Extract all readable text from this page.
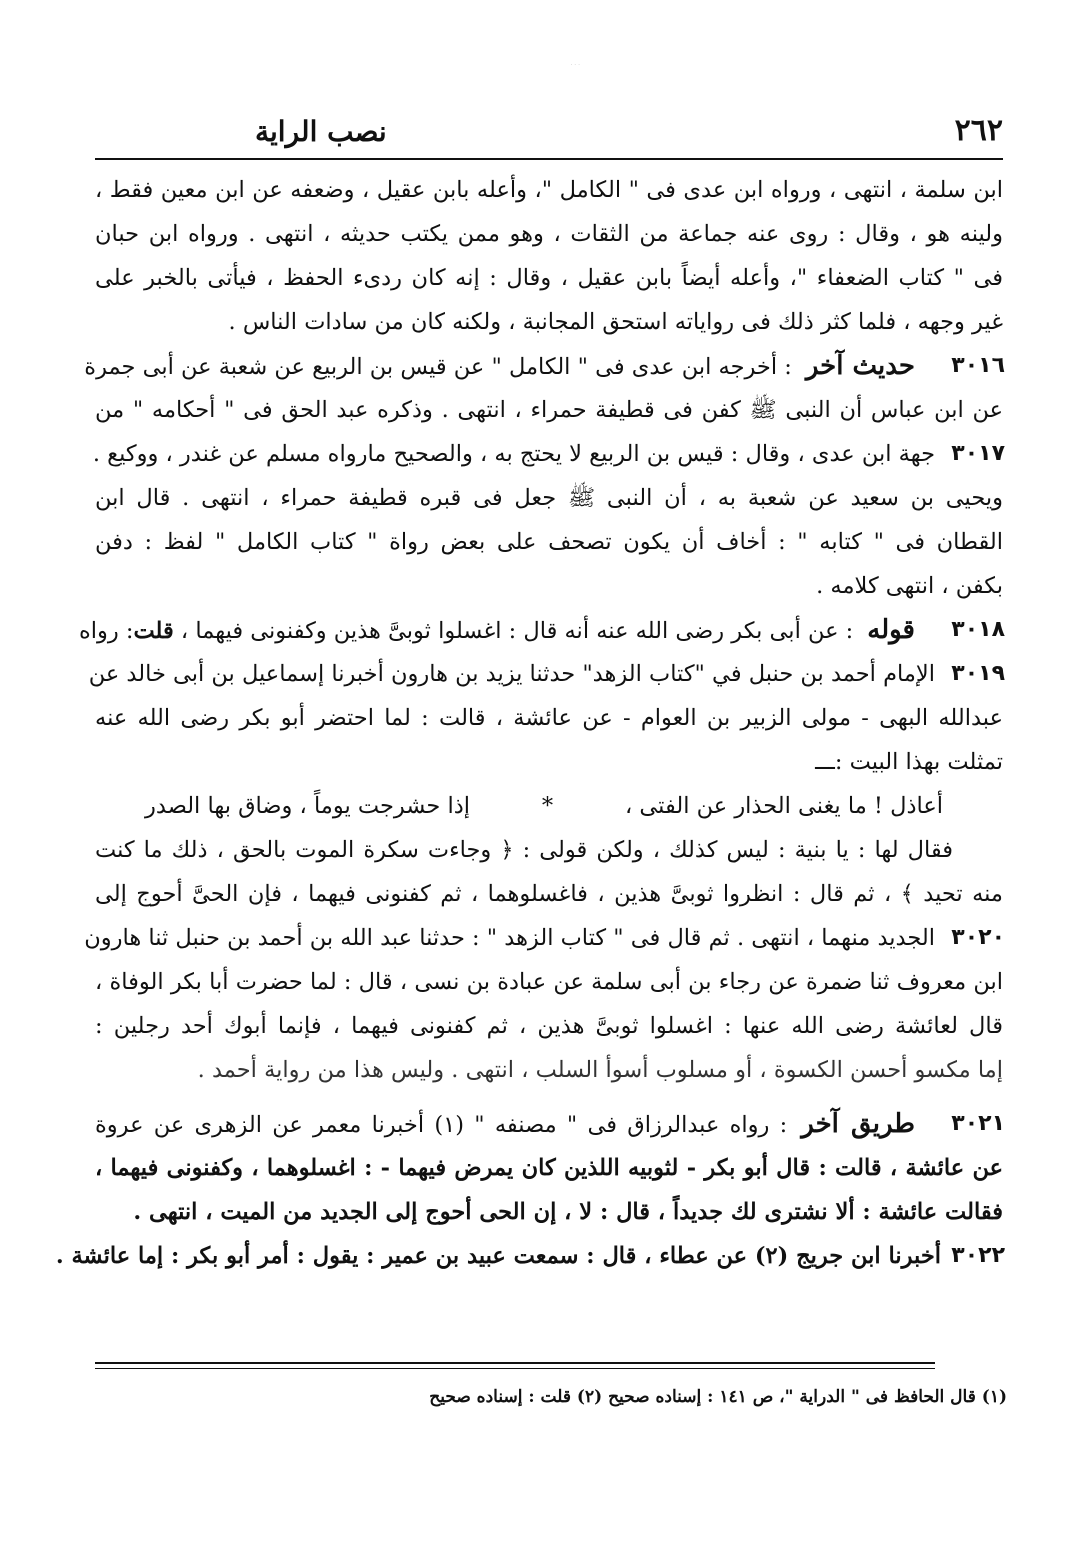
· · ·
٢٦٢
نصب الراية

ابن سلمة ، انتهى ، ورواه ابن عدى فى " الكامل "، وأعله بابن عقيل ، وضعفه عن ابن معين فقط ،

ولينه هو ، وقال : روى عنه جماعة من الثقات ، وهو ممن يكتب حديثه ، انتهى . ورواه ابن حبان

فى " كتاب الضعفاء "، وأعله أيضاً بابن عقيل ، وقال : إنه كان ردىء الحفظ ، فيأتى بالخبر على

غير وجهه ، فلما كثر ذلك فى رواياته استحق المجانبة ، ولكنه كان من سادات الناس .

٣٠١٦

حديث آخر: أخرجه ابن عدى فى " الكامل " عن قيس بن الربيع عن شعبة عن أبى جمرة

عن ابن عباس أن النبى ﷺ كفن فى قطيفة حمراء ، انتهى . وذكره عبد الحق فى " أحكامه " من

٣٠١٧

جهة ابن عدى ، وقال : قيس بن الربيع لا يحتج به ، والصحيح مارواه مسلم عن غندر ، ووكيع .

ويحيى بن سعيد عن شعبة به ، أن النبى ﷺ جعل فى قبره قطيفة حمراء ، انتهى . قال ابن

القطان فى " كتابه " : أخاف أن يكون تصحف على بعض رواة " كتاب الكامل " لفظ : دفن

بكفن ، انتهى كلامه .

٣٠١٨

قوله: عن أبى بكر رضى الله عنه أنه قال : اغسلوا ثوبىَّ هذين وكفنونى فيهما ، قلت: رواه

٣٠١٩

الإمام أحمد بن حنبل في "كتاب الزهد" حدثنا يزيد بن هارون أخبرنا إسماعيل بن أبى خالد عن

عبدالله البهى - مولى الزبير بن العوام - عن عائشة ، قالت : لما احتضر أبو بكر رضى الله عنه

تمثلت بهذا البيت :ـــ

أعاذل ! ما يغنى الحذار عن الفتى ،
*
إذا حشرجت يوماً ، وضاق بها الصدر

فقال لها : يا بنية : ليس كذلك ، ولكن قولى : ﴿ وجاءت سكرة الموت بالحق ، ذلك ما كنت

منه تحيد ﴾ ، ثم قال : انظروا ثوبىَّ هذين ، فاغسلوهما ، ثم كفنونى فيهما ، فإن الحىَّ أحوج إلى

٣٠٢٠

الجديد منهما ، انتهى . ثم قال فى " كتاب الزهد " : حدثنا عبد الله بن أحمد بن حنبل ثنا هارون

ابن معروف ثنا ضمرة عن رجاء بن أبى سلمة عن عبادة بن نسى ، قال : لما حضرت أبا بكر الوفاة ،

قال لعائشة رضى الله عنها : اغسلوا ثوبىَّ هذين ، ثم كفنونى فيهما ، فإنما أبوك أحد رجلين :

إما مكسو أحسن الكسوة ، أو مسلوب أسوأ السلب ، انتهى . وليس هذا من رواية أحمد .

٣٠٢١

طريق آخر: رواه عبدالرزاق فى " مصنفه " (١) أخبرنا معمر عن الزهرى عن عروة

عن عائشة ، قالت : قال أبو بكر - لثوبيه اللذين كان يمرض فيهما - : اغسلوهما ، وكفنونى فيهما ،

فقالت عائشة : ألا نشترى لك جديداً ، قال : لا ، إن الحى أحوج إلى الجديد من الميت ، انتهى .

٣٠٢٢

أخبرنا ابن جريج (٢) عن عطاء ، قال : سمعت عبيد بن عمير : يقول : أمر أبو بكر : إما عائشة .

(١) قال الحافظ فى " الدراية "، ص ١٤١ : إسناده صحيح (٢) قلت : إسناده صحيح
